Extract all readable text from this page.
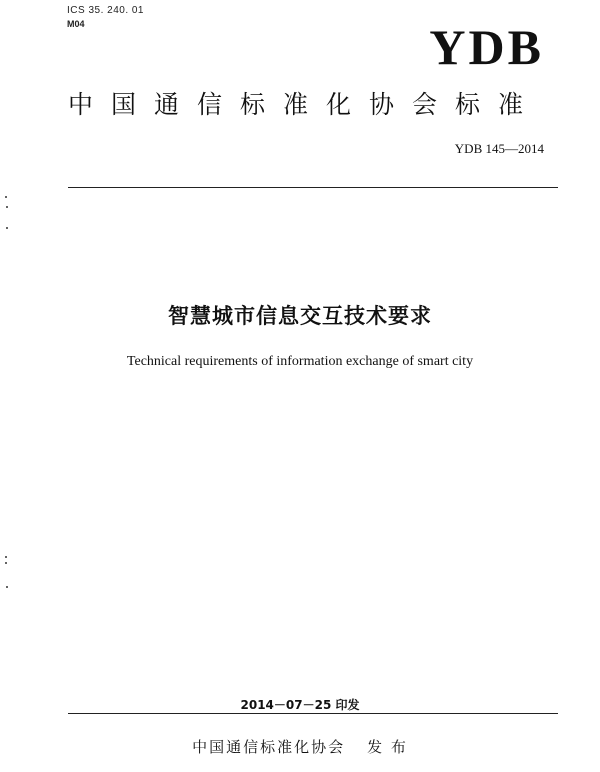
ICS 35. 240. 01
M04	YDB
中国通信标准化协会标准
YDB 145—2014
智慧城市信息交互技术要求
Technical requirements of information exchange of smart city
2014－07－25 印发
中国通信标准化协会 发 布
